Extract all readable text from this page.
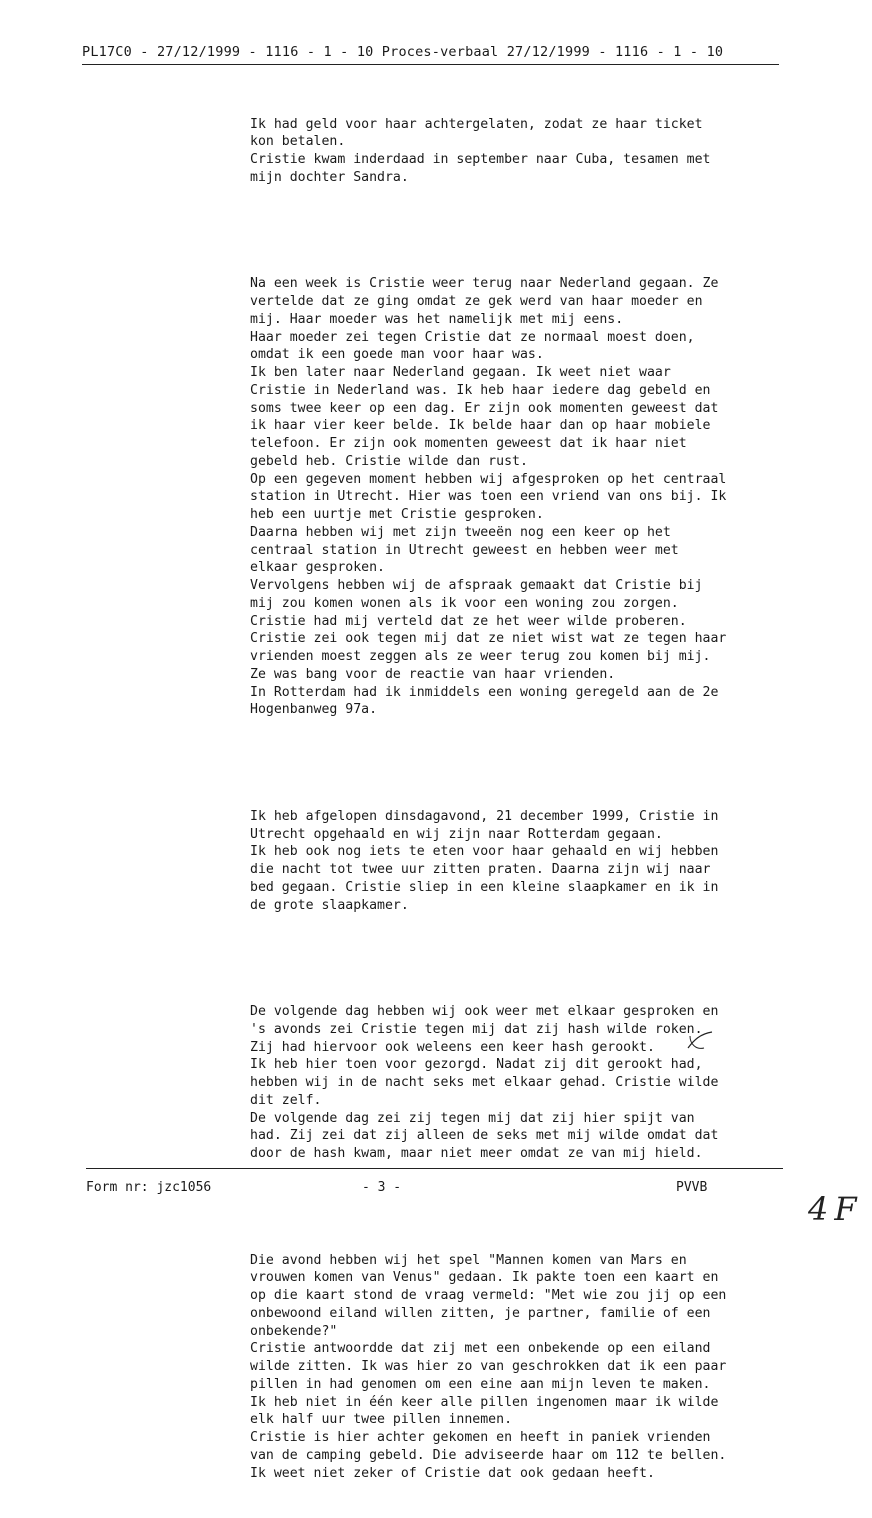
PL17C0 - 27/12/1999 - 1116 - 1 - 10 Proces-verbaal 27/12/1999 - 1116 - 1 - 10

Ik had geld voor haar achtergelaten, zodat ze haar ticket
kon betalen.
Cristie kwam inderdaad in september naar Cuba, tesamen met
mijn dochter Sandra.

Na een week is Cristie weer terug naar Nederland gegaan. Ze
vertelde dat ze ging omdat ze gek werd van haar moeder en
mij. Haar moeder was het namelijk met mij eens.
Haar moeder zei tegen Cristie dat ze normaal moest doen,
omdat ik een goede man voor haar was.
Ik ben later naar Nederland gegaan. Ik weet niet waar
Cristie in Nederland was. Ik heb haar iedere dag gebeld en
soms twee keer op een dag. Er zijn ook momenten geweest dat
ik haar vier keer belde. Ik belde haar dan op haar mobiele
telefoon. Er zijn ook momenten geweest dat ik haar niet
gebeld heb. Cristie wilde dan rust.
Op een gegeven moment hebben wij afgesproken op het centraal
station in Utrecht. Hier was toen een vriend van ons bij. Ik
heb een uurtje met Cristie gesproken.
Daarna hebben wij met zijn tweeën nog een keer op het
centraal station in Utrecht geweest en hebben weer met
elkaar gesproken.
Vervolgens hebben wij de afspraak gemaakt dat Cristie bij
mij zou komen wonen als ik voor een woning zou zorgen.
Cristie had mij verteld dat ze het weer wilde proberen.
Cristie zei ook tegen mij dat ze niet wist wat ze tegen haar
vrienden moest zeggen als ze weer terug zou komen bij mij.
Ze was bang voor de reactie van haar vrienden.
In Rotterdam had ik inmiddels een woning geregeld aan de 2e
Hogenbanweg 97a.

Ik heb afgelopen dinsdagavond, 21 december 1999, Cristie in
Utrecht opgehaald en wij zijn naar Rotterdam gegaan.
Ik heb ook nog iets te eten voor haar gehaald en wij hebben
die nacht tot twee uur zitten praten. Daarna zijn wij naar
bed gegaan. Cristie sliep in een kleine slaapkamer en ik in
de grote slaapkamer.

De volgende dag hebben wij ook weer met elkaar gesproken en
's avonds zei Cristie tegen mij dat zij hash wilde roken.
Zij had hiervoor ook weleens een keer hash gerookt.
Ik heb hier toen voor gezorgd. Nadat zij dit gerookt had,
hebben wij in de nacht seks met elkaar gehad. Cristie wilde
dit zelf.
De volgende dag zei zij tegen mij dat zij hier spijt van
had. Zij zei dat zij alleen de seks met mij wilde omdat dat
door de hash kwam, maar niet meer omdat ze van mij hield.

Die avond hebben wij het spel "Mannen komen van Mars en
vrouwen komen van Venus" gedaan. Ik pakte toen een kaart en
op die kaart stond de vraag vermeld: "Met wie zou jij op een
onbewoond eiland willen zitten, je partner, familie of een
onbekende?"
Cristie antwoordde dat zij met een onbekende op een eiland
wilde zitten. Ik was hier zo van geschrokken dat ik een paar
pillen in had genomen om een eine aan mijn leven te maken.
Ik heb niet in één keer alle pillen ingenomen maar ik wilde
elk half uur twee pillen innemen.
Cristie is hier achter gekomen en heeft in paniek vrienden
van de camping gebeld. Die adviseerde haar om 112 te bellen.
Ik weet niet zeker of Cristie dat ook gedaan heeft.

Form nr: jzc1056	- 3 -	PVVB
4F
